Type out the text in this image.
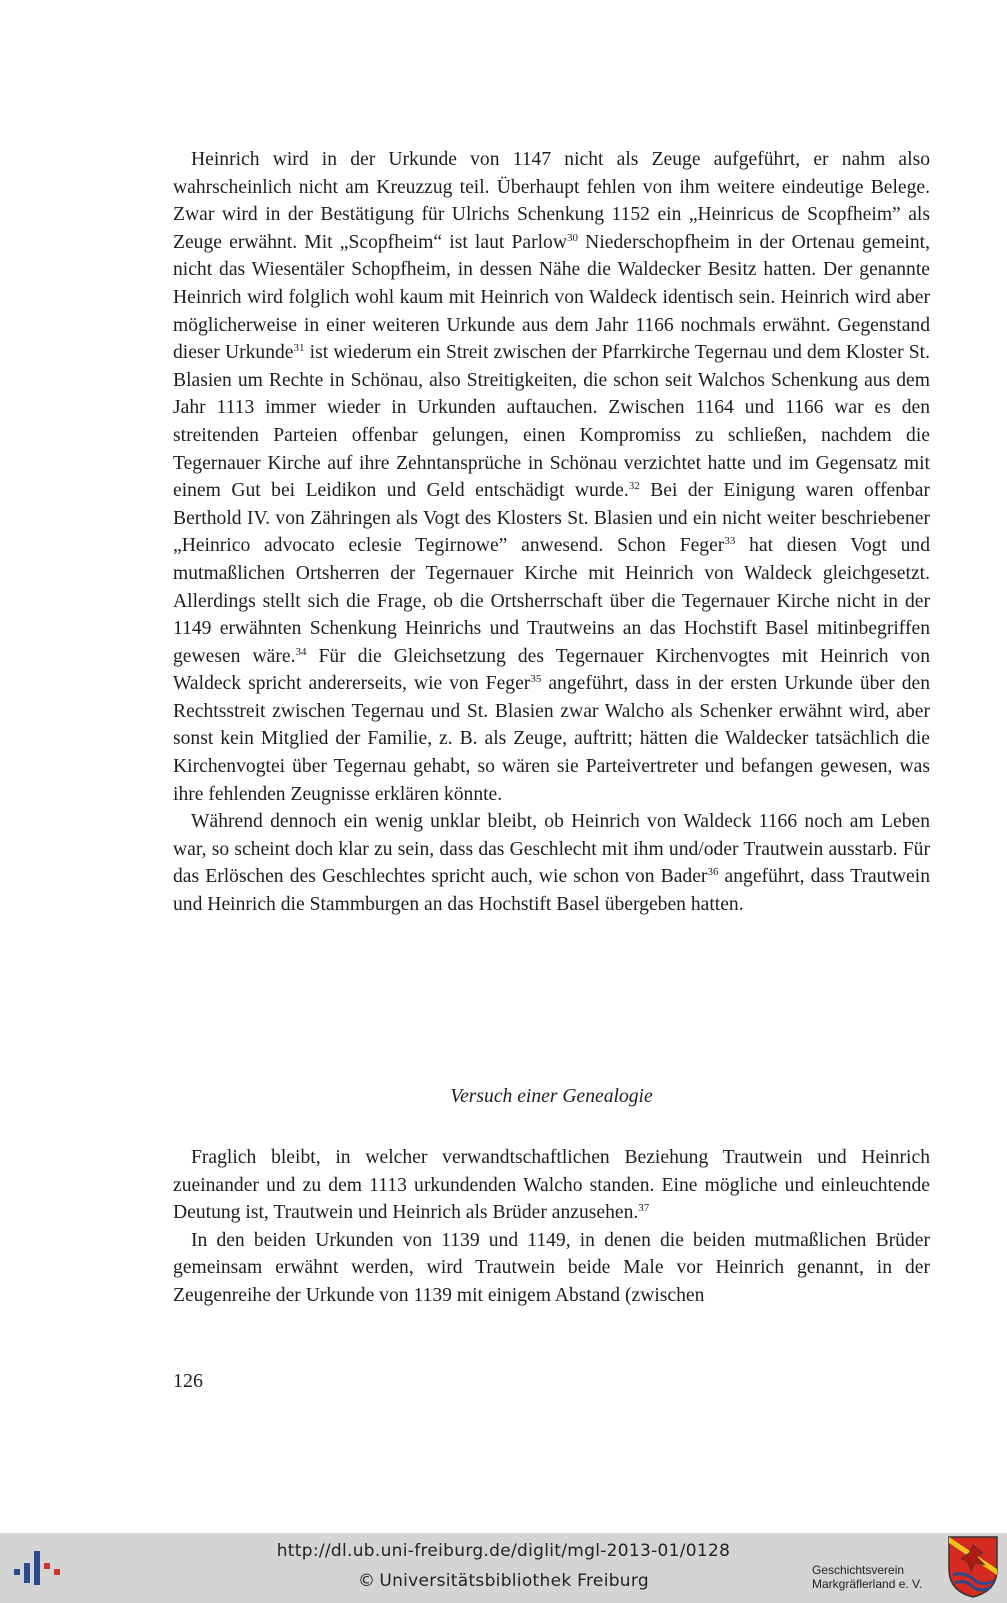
Heinrich wird in der Urkunde von 1147 nicht als Zeuge aufgeführt, er nahm also wahrscheinlich nicht am Kreuzzug teil. Überhaupt fehlen von ihm weitere eindeutige Belege. Zwar wird in der Bestätigung für Ulrichs Schenkung 1152 ein „Heinricus de Scopfheim” als Zeuge erwähnt. Mit „Scopfheim“ ist laut Parlow$^{30}$ Niederschopfheim in der Ortenau gemeint, nicht das Wiesentäler Schopfheim, in dessen Nähe die Waldecker Besitz hatten. Der genannte Heinrich wird folglich wohl kaum mit Heinrich von Waldeck identisch sein. Heinrich wird aber möglicherweise in einer weiteren Urkunde aus dem Jahr 1166 nochmals erwähnt. Gegenstand dieser Urkunde$^{31}$ ist wiederum ein Streit zwischen der Pfarrkirche Tegernau und dem Kloster St. Blasien um Rechte in Schönau, also Streitigkeiten, die schon seit Walchos Schenkung aus dem Jahr 1113 immer wieder in Urkunden auftauchen. Zwischen 1164 und 1166 war es den streitenden Parteien offenbar gelungen, einen Kompromiss zu schließen, nachdem die Tegernauer Kirche auf ihre Zehntansprüche in Schönau verzichtet hatte und im Gegensatz mit einem Gut bei Leidikon und Geld entschädigt wurde.$^{32}$ Bei der Einigung waren offenbar Berthold IV. von Zähringen als Vogt des Klosters St. Blasien und ein nicht weiter beschriebener „Heinrico advocato eclesie Tegirnowe” anwesend. Schon Feger$^{33}$ hat diesen Vogt und mutmaßlichen Ortsherren der Tegernauer Kirche mit Heinrich von Waldeck gleichgesetzt. Allerdings stellt sich die Frage, ob die Ortsherrschaft über die Tegernauer Kirche nicht in der 1149 erwähnten Schenkung Heinrichs und Trautweins an das Hochstift Basel mitinbegriffen gewesen wäre.$^{34}$ Für die Gleichsetzung des Tegernauer Kirchenvogtes mit Heinrich von Waldeck spricht andererseits, wie von Feger$^{35}$ angeführt, dass in der ersten Urkunde über den Rechtsstreit zwischen Tegernau und St. Blasien zwar Walcho als Schenker erwähnt wird, aber sonst kein Mitglied der Familie, z. B. als Zeuge, auftritt; hätten die Waldecker tatsächlich die Kirchenvogtei über Tegernau gehabt, so wären sie Parteivertreter und befangen gewesen, was ihre fehlenden Zeugnisse erklären könnte.

Während dennoch ein wenig unklar bleibt, ob Heinrich von Waldeck 1166 noch am Leben war, so scheint doch klar zu sein, dass das Geschlecht mit ihm und/oder Trautwein ausstarb. Für das Erlöschen des Geschlechtes spricht auch, wie schon von Bader$^{36}$ angeführt, dass Trautwein und Heinrich die Stammburgen an das Hochstift Basel übergeben hatten.

Versuch einer Genealogie

Fraglich bleibt, in welcher verwandtschaftlichen Beziehung Trautwein und Heinrich zueinander und zu dem 1113 urkundenden Walcho standen. Eine mögliche und einleuchtende Deutung ist, Trautwein und Heinrich als Brüder anzusehen.$^{37}$

In den beiden Urkunden von 1139 und 1149, in denen die beiden mutmaßlichen Brüder gemeinsam erwähnt werden, wird Trautwein beide Male vor Heinrich genannt, in der Zeugenreihe der Urkunde von 1139 mit einigem Abstand (zwischen

126
http://dl.ub.uni-freiburg.de/diglit/mgl-2013-01/0128
© Universitätsbibliothek Freiburg
Geschichtsverein
Markgräflerland e. V.
